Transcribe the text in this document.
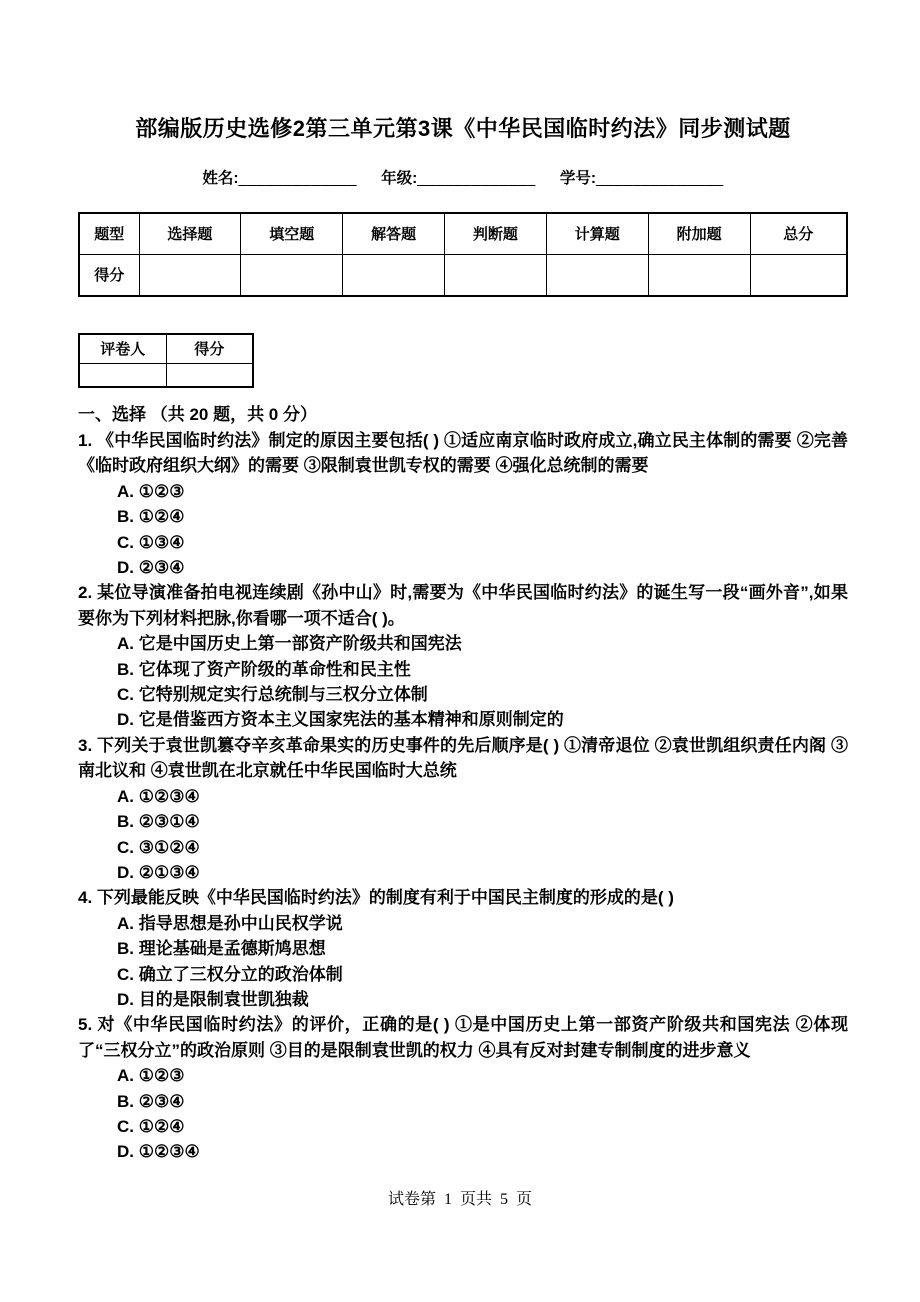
部编版历史选修2第三单元第3课《中华民国临时约法》同步测试题
姓名:_____________ 年级:_____________ 学号:______________
题型	选择题	填空题	解答题	判断题	计算题	附加题	总分
得分							
评卷人	得分

一、选择 （共 20 题，共 0 分）

1. 《中华民国临时约法》制定的原因主要包括( ) ①适应南京临时政府成立,确立民主体制的需要 ②完善《临时政府组织大纲》的需要 ③限制袁世凯专权的需要 ④强化总统制的需要

A. ①②③
B. ①②④
C. ①③④
D. ②③④

2. 某位导演准备拍电视连续剧《孙中山》时,需要为《中华民国临时约法》的诞生写一段“画外音”,如果要你为下列材料把脉,你看哪一项不适合( )。

A. 它是中国历史上第一部资产阶级共和国宪法
B. 它体现了资产阶级的革命性和民主性
C. 它特别规定实行总统制与三权分立体制
D. 它是借鉴西方资本主义国家宪法的基本精神和原则制定的

3. 下列关于袁世凯篡夺辛亥革命果实的历史事件的先后顺序是( ) ①清帝退位 ②袁世凯组织责任内阁 ③南北议和 ④袁世凯在北京就任中华民国临时大总统

A. ①②③④
B. ②③①④
C. ③①②④
D. ②①③④

4. 下列最能反映《中华民国临时约法》的制度有利于中国民主制度的形成的是( )

A. 指导思想是孙中山民权学说
B. 理论基础是孟德斯鸠思想
C. 确立了三权分立的政治体制
D. 目的是限制袁世凯独裁

5. 对《中华民国临时约法》的评价，正确的是( ) ①是中国历史上第一部资产阶级共和国宪法 ②体现了“三权分立”的政治原则 ③目的是限制袁世凯的权力 ④具有反对封建专制制度的进步意义

A. ①②③
B. ②③④
C. ①②④
D. ①②③④
试卷第  1  页共  5  页
